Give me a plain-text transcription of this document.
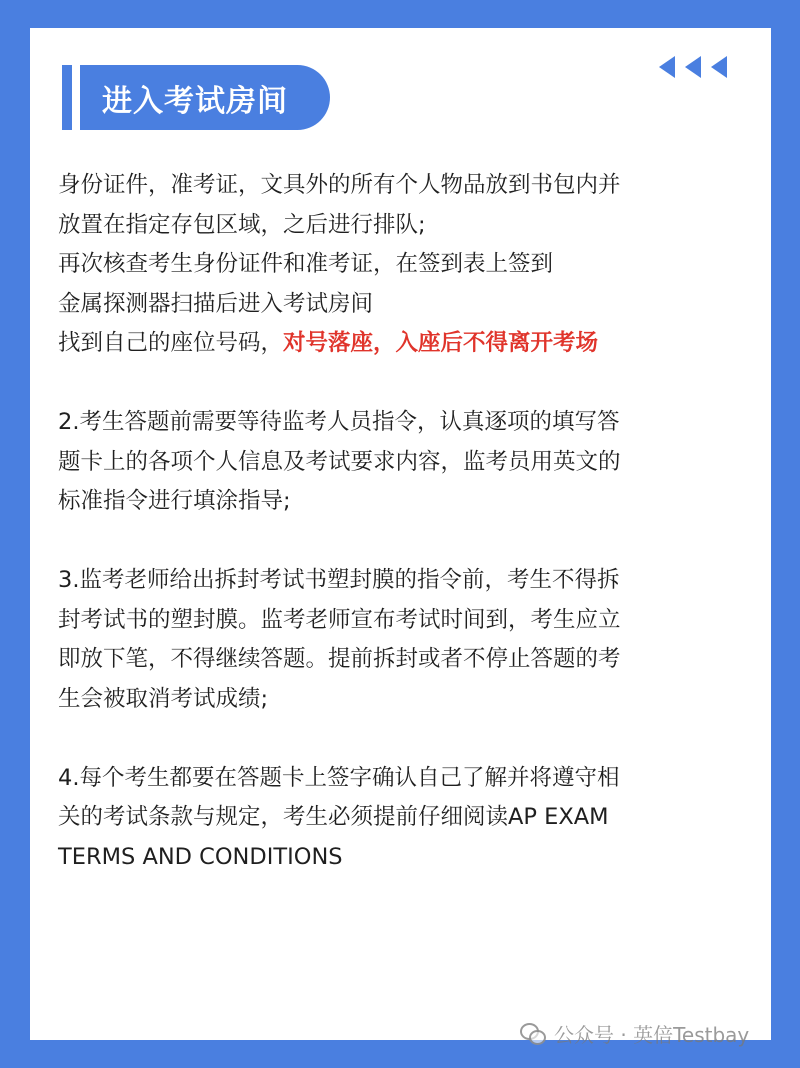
进入考试房间
身份证件，准考证，文具外的所有个人物品放到书包内并
放置在指定存包区域，之后进行排队;
再次核查考生身份证件和准考证，在签到表上签到
金属探测器扫描后进入考试房间
找到自己的座位号码，对号落座，入座后不得离开考场
2.考生答题前需要等待监考人员指令，认真逐项的填写答
题卡上的各项个人信息及考试要求内容，监考员用英文的
标准指令进行填涂指导;
3.监考老师给出拆封考试书塑封膜的指令前，考生不得拆
封考试书的塑封膜。监考老师宣布考试时间到，考生应立
即放下笔，不得继续答题。提前拆封或者不停止答题的考
生会被取消考试成绩;
4.每个考生都要在答题卡上签字确认自己了解并将遵守相
关的考试条款与规定，考生必须提前仔细阅读AP EXAM
TERMS AND CONDITIONS
公众号 · 英倍Testbay
